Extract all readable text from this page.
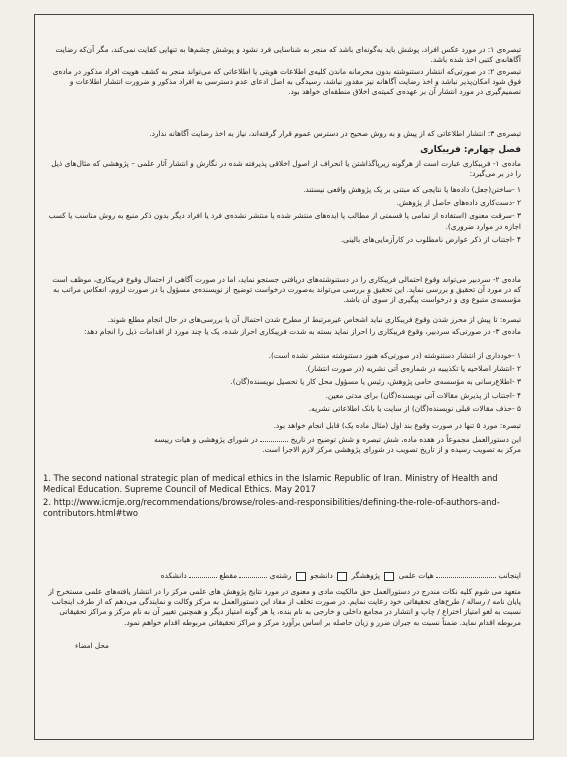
تبصره‌ی ۱: در مورد عکس افراد، پوشش باید به‌گونه‌ای باشد که منجر به شناسایی فرد نشود و پوشش چشم‌ها به تنهایی کفایت نمی‌کند، مگر آن‌که رضایت آگاهانه‌ی کتبی اخذ شده باشد.
تبصره‌ی ۲: در صورتی‌که انتشار دستنوشته بدون محرمانه ماندن کلیه‌ی اطلاعات هویتی یا اطلاعاتی که می‌تواند منجر به کشف هویت افراد مذکور در ماده‌ی فوق شود امکان‌پذیر نباشد و اخذ رضایت آگاهانه نیز مقدور نباشد، رسیدگی به اصل ادعای عدم دسترسی به افراد مذکور و ضرورت انتشار اطلاعات و تصمیم‌گیری در مورد انتشار آن بر عهده‌ی کمیته‌ی اخلاق منطقه‌ای خواهد بود.
تبصره‌ی ۳: انتشار اطلاعاتی که از پیش و به روش صحیح در دسترس عموم قرار گرفته‌اند، نیاز به اخذ رضایت آگاهانه ندارد.
فصل چهارم: فریبکاری
ماده‌ی ۱- فریبکاری عبارت است از هرگونه زیرپاگذاشتن یا انحراف از اصول اخلاقی پذیرفته شده در نگارش و انتشار آثار علمی – پژوهشی که مثال‌های ذیل را در بر می‌گیرد:
۱ -ساختن(جعل) داده‌ها یا نتایجی که مبتنی بر یک پژوهش واقعی نیستند.
۲ -دست‌کاری داده‌های حاصل از پژوهش.
۳ -سرقت معنوی (استفاده از تمامی یا قسمتی از مطالب یا ایده‌های منتشر شده یا منتشر نشده‌ی فرد یا افراد دیگر بدون ذکر منبع به روش مناسب یا کسب اجازه در موارد ضروری).
۴ -اجتناب از ذکر عوارض نامطلوب در کارآزمایی‌های بالینی.
ماده‌ی ۲- سردبیر می‌تواند وقوع احتمالی فریبکاری را در دستنوشته‌های دریافتی جستجو نماید، اما در صورت آگاهی از احتمال وقوع فریبکاری، موظف است که در مورد آن تحقیق و بررسی نماید. این تحقیق و بررسی می‌تواند به‌صورت درخواست توضیح از نویسنده‌ی مسؤول یا در صورت لزوم، انعکاس مراتب به مؤسسه‌ی متبوع وی و درخواست پیگیری از سوی آن باشد.
تبصره: تا پیش از محرز شدن وقوع فریبکاری نباید اشخاص غیرمرتبط از مطرح شدن احتمال آن یا بررسی‌های در حال انجام مطلع شوند.
ماده‌ی ۳- در صورتی‌که سردبیر، وقوع فریبکاری را احراز نماید بسته به شدت فریبکاری احراز شده، یک یا چند مورد از اقدامات ذیل را انجام دهد:
۱ -خودداری از انتشار دستنوشته (در صورتی‌که هنوز دستنوشته منتشر نشده است).
۲ -انتشار اصلاحیه یا تکذیبیه در شماره‌ی آتی نشریه (در صورت انتشار).
۳ -اطلاع‌رسانی به مؤسسه‌ی حامی پژوهش، رئیس یا مسؤول محل کار یا تحصیل نویسنده(گان).
۴ -اجتناب از پذیرش مقالات آتی نویسنده(گان) برای مدتی معین.
۵ -حذف مقالات قبلی نویسنده(گان) از سایت یا بانک اطلاعاتی نشریه.
تبصره: مورد ۵ تنها در صورت وقوع بند اول (مثال ماده یک) قابل انجام خواهد بود.
این دستورالعمل مجموعاً در هفده ماده، شش تبصره و شش توضیح در تاریخ  در شورای پژوهشی و هیات رییسه
مرکز به تصویب رسیده و از تاریخ تصویب در شورای پژوهشی مرکز لازم الاجرا است.
1. The second national strategic plan of medical ethics in the Islamic Republic of Iran. Ministry of Health and Medical Education. Supreme Council of Medical Ethics. May 2017
2. http://www.icmje.org/recommendations/browse/roles-and-responsibilities/defining-the-role-of-authors-and-contributors.html#two
اینجانب  هیات علمی  پژوهشگر  دانشجو  رشته‌ی  مقطع  دانشکده
متعهد می شوم کلیه نکات مندرج در دستورالعمل حق مالکیت مادی و معنوی در مورد نتایج پژوهش های علمی مرکز را در انتشار یافته‌های علمی مستخرج از پایان نامه / رساله / طرح‌های تحقیقاتی خود رعایت نمایم. در صورت تخلف از مفاد این دستورالعمل به مرکز وکالت و نمایندگی می‌دهم که از طرف اینجانب نسبت به لغو امتیاز اختراع / چاپ و انتشار در مجامع داخلی و خارجی به نام بنده، یا هر گونه امتیاز دیگر و همچنین تغییر آن به نام مرکز و مراکز تحقیقاتی مربوطه اقدام نماید. ضمناً نسبت به جبران ضرر و زیان حاصله بر اساس برآورد مرکز و مراکز تحقیقاتی مربوطه اقدام خواهم نمود.
محل امضاء
